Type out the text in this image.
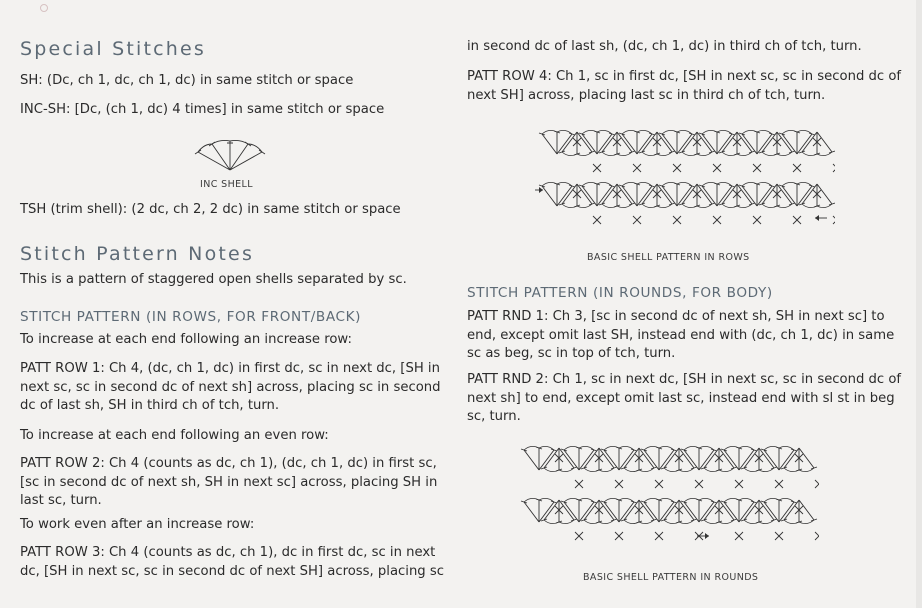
Special Stitches

SH: (Dc, ch 1, dc, ch 1, dc) in same stitch or space

INC-SH: [Dc, (ch 1, dc) 4 times] in same stitch or space

INC SHELL

TSH (trim shell): (2 dc, ch 2, 2 dc) in same stitch or space

Stitch Pattern Notes

This is a pattern of staggered open shells separated by sc.

STITCH PATTERN (IN ROWS, FOR FRONT/BACK)

To increase at each end following an increase row:

PATT ROW 1: Ch 4, (dc, ch 1, dc) in first dc, sc in next dc, [SH in next sc, sc in second dc of next sh] across, placing sc in second dc of last sh, SH in third ch of tch, turn.

To increase at each end following an even row:

PATT ROW 2: Ch 4 (counts as dc, ch 1), (dc, ch 1, dc) in first sc, [sc in second dc of next sh, SH in next sc] across, placing SH in last sc, turn.

To work even after an increase row:

PATT ROW 3: Ch 4 (counts as dc, ch 1), dc in first dc, sc in next dc, [SH in next sc, sc in second dc of next SH] across, placing sc

in second dc of last sh, (dc, ch 1, dc) in third ch of tch, turn.

PATT ROW 4: Ch 1, sc in first dc, [SH in next sc, sc in second dc of next SH] across, placing last sc in third ch of tch, turn.

BASIC SHELL PATTERN IN ROWS

STITCH PATTERN (IN ROUNDS, FOR BODY)

PATT RND 1: Ch 3, [sc in second dc of next sh, SH in next sc] to end, except omit last SH, instead end with (dc, ch 1, dc) in same sc as beg, sc in top of tch, turn.

PATT RND 2: Ch 1, sc in next dc, [SH in next sc, sc in second dc of next sh] to end, except omit last sc, instead end with sl st in beg sc, turn.

BASIC SHELL PATTERN IN ROUNDS
